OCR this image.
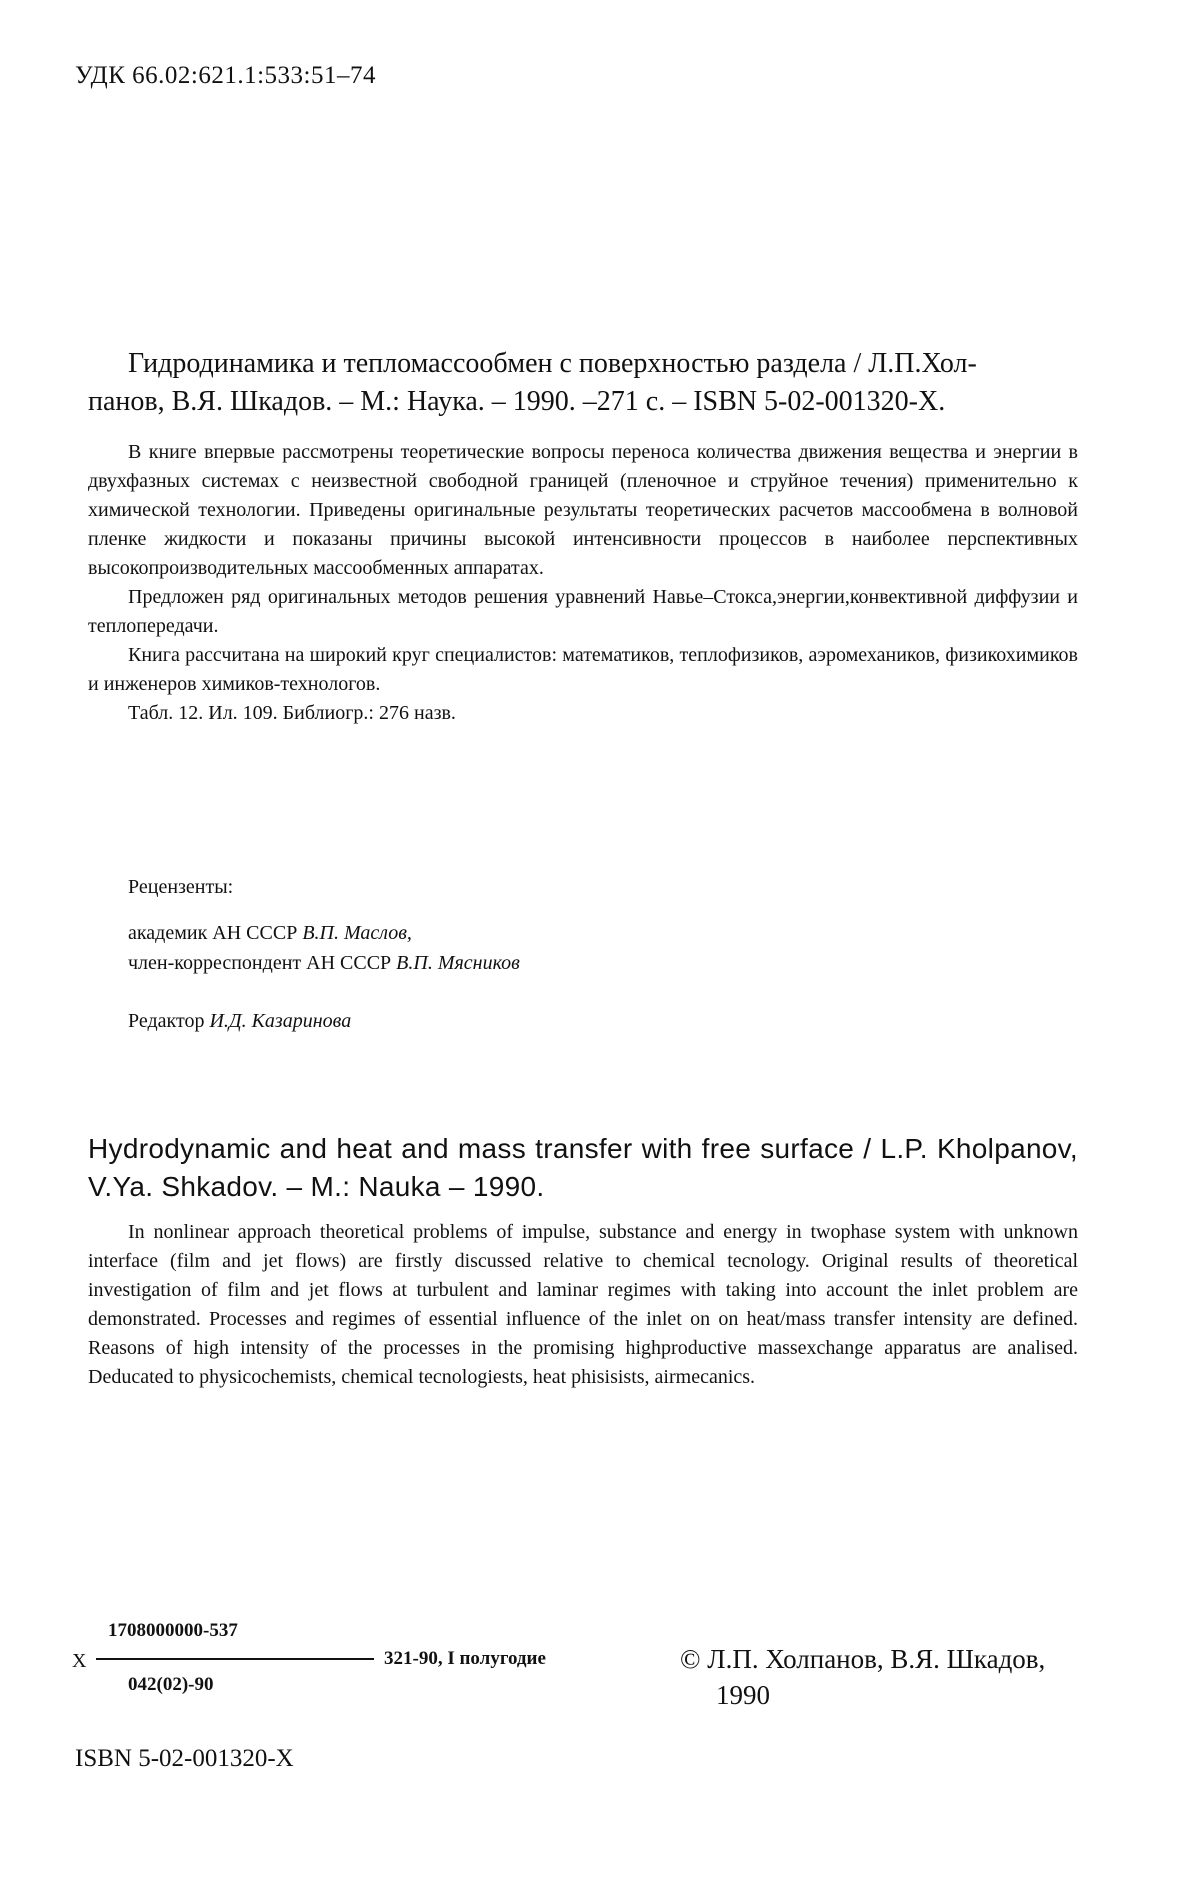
УДК 66.02:621.1:533:51–74
Гидродинамика и тепломассообмен с поверхностью раздела / Л.П.Хол-
панов, В.Я. Шкадов. – М.: Наука. – 1990. –271 с. – ISBN 5-02-001320-Х.

В книге впервые рассмотрены теоретические вопросы переноса количества движения вещества и энергии в двухфазных системах с неизвестной свободной границей (пленочное и струйное течения) применительно к химической технологии. Приведены оригинальные результаты теоретических расчетов массообмена в волновой пленке жидкости и показаны причины высокой интенсивности процессов в наиболее перспективных высокопроизводительных массообменных аппаратах.

Предложен ряд оригинальных методов решения уравнений Навье–Стокса,энергии,конвективной диффузии и теплопередачи.

Книга рассчитана на широкий круг специалистов: математиков, теплофизиков, аэромехаников, физикохимиков и инженеров химиков-технологов.

Табл. 12. Ил. 109. Библиогр.: 276 назв.

Рецензенты:
академик АН СССР В.П. Маслов,
член-корреспондент АН СССР В.П. Мясников
Редактор И.Д. Казаринова
Hydrodynamic and heat and mass transfer with free surface / L.P. Kholpanov, V.Ya. Shkadov. – M.: Nauka – 1990.

In nonlinear approach theoretical problems of impulse, substance and energy in twophase system with unknown interface (film and jet flows) are firstly discussed relative to chemical tecnology. Original results of theoretical investigation of film and jet flows at turbulent and laminar regimes with taking into account the inlet problem are demonstrated. Processes and regimes of essential influence of the inlet on on heat/mass transfer intensity are defined. Reasons of high intensity of the processes in the promising highproductive massexchange apparatus are analised. Deducated to physicochemists, chemical tecnologiests, heat phisisists, airmecanics.

X
1708000000-537
042(02)-90
321-90, I полугодие	© Л.П. Холпанов, В.Я. Шкадов,
1990
ISBN 5-02-001320-Х
